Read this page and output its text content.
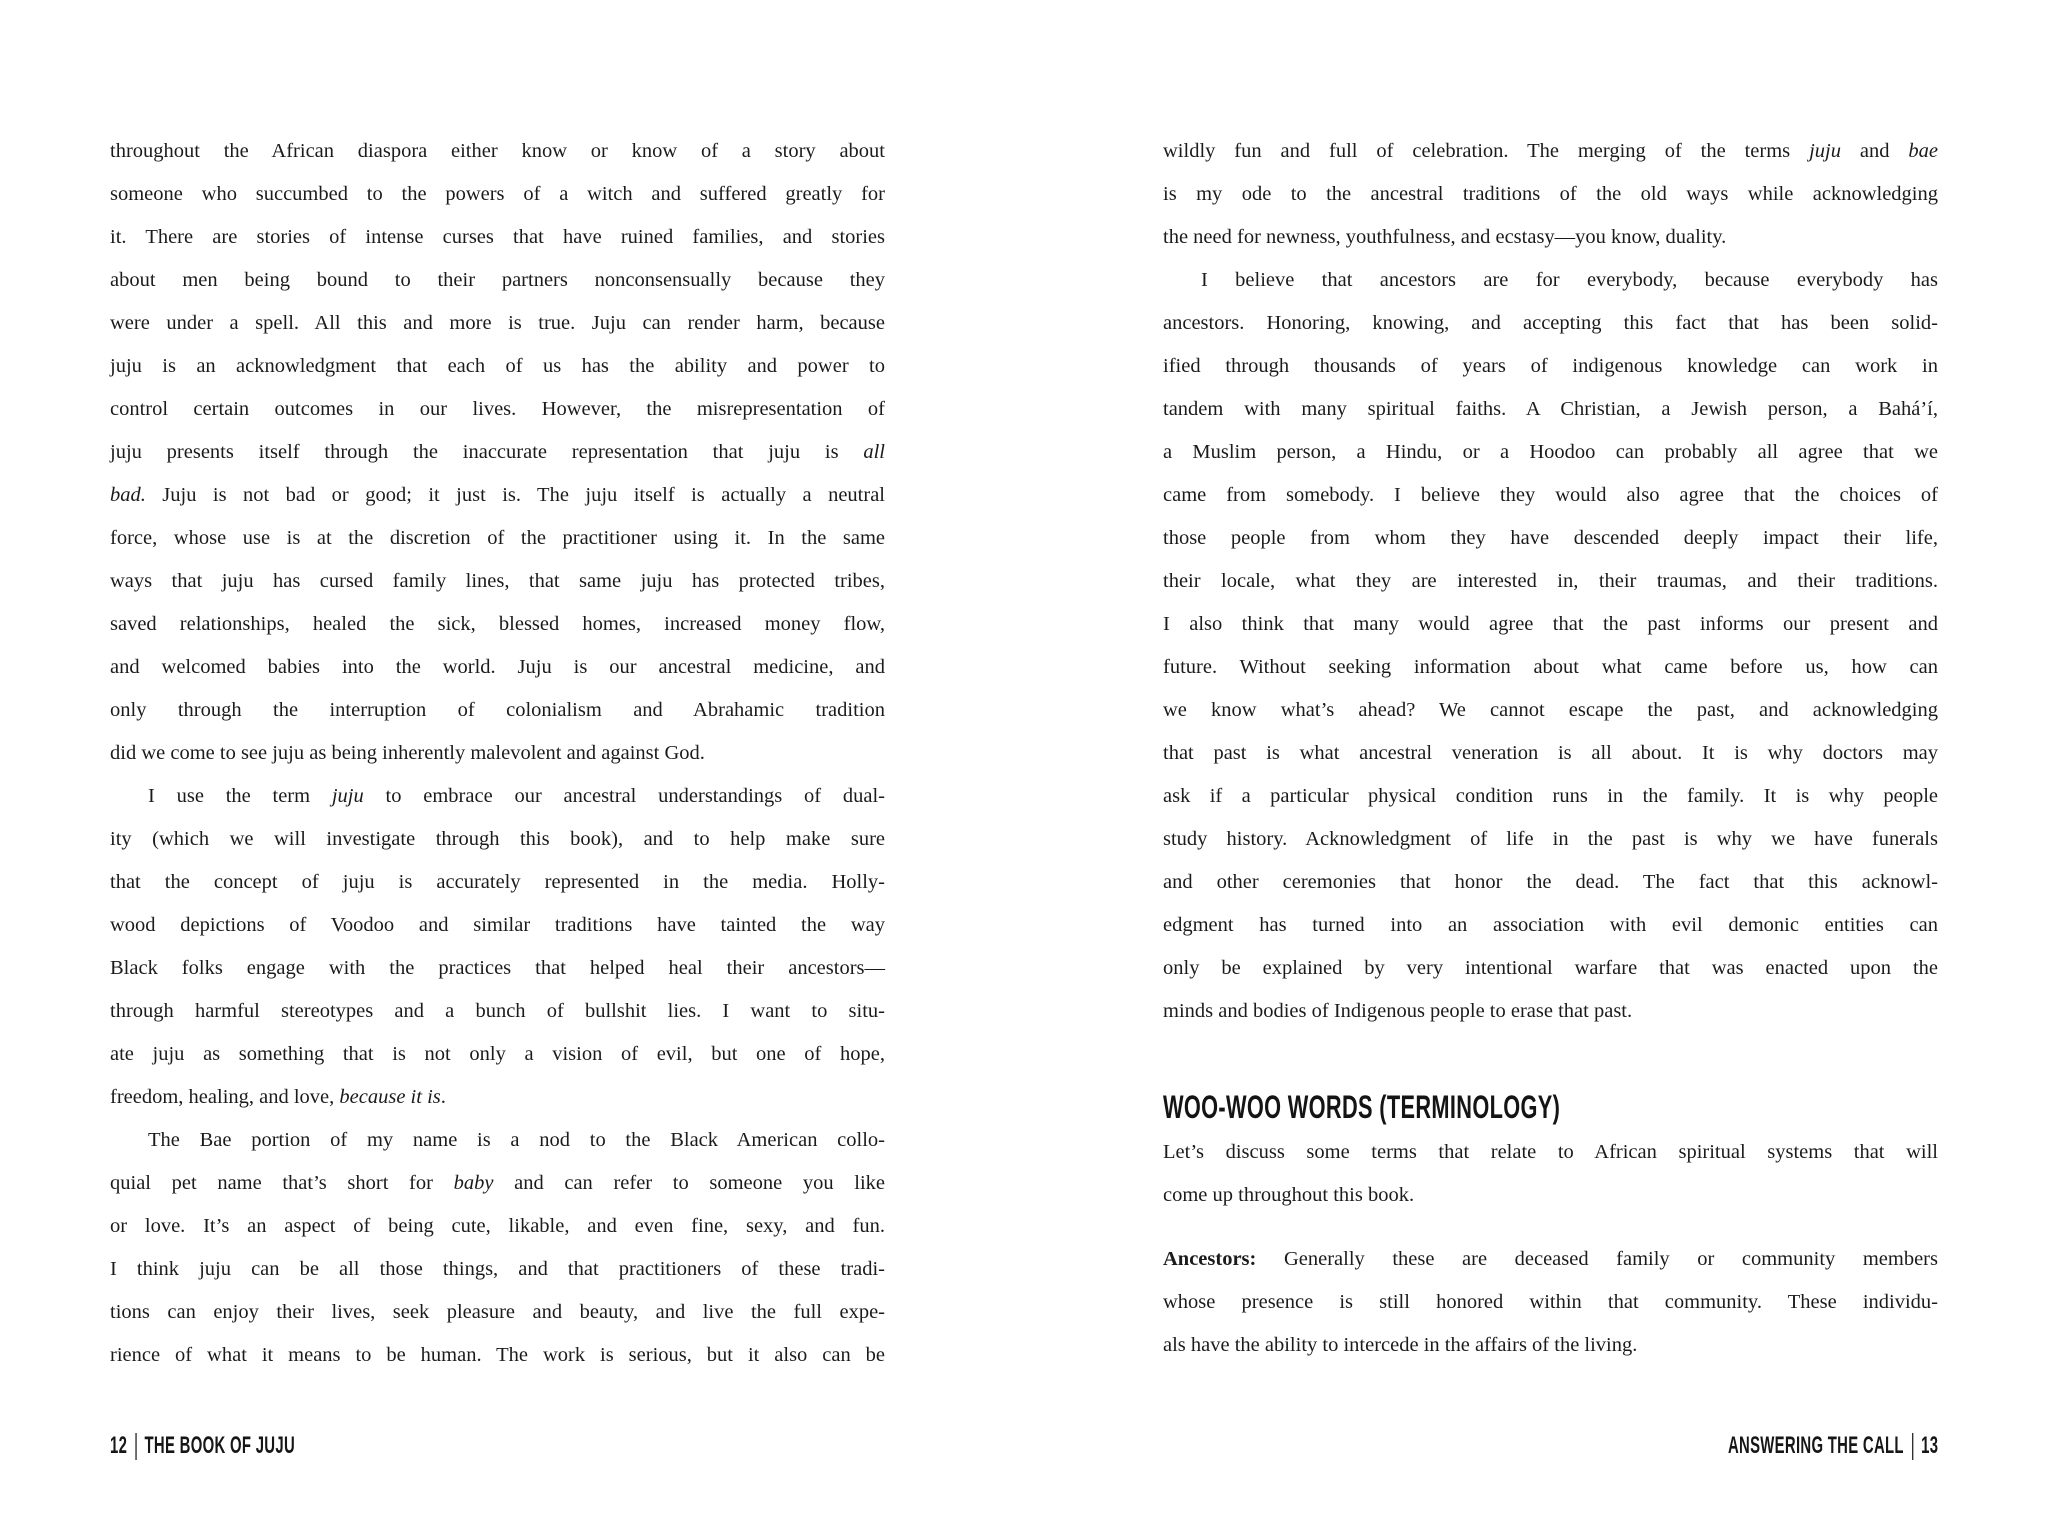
throughout the African diaspora either know or know of a story about
someone who succumbed to the powers of a witch and suffered greatly for
it. There are stories of intense curses that have ruined families, and stories
about men being bound to their partners nonconsensually because they
were under a spell. All this and more is true. Juju can render harm, because
juju is an acknowledgment that each of us has the ability and power to
control certain outcomes in our lives. However, the misrepresentation of
juju presents itself through the inaccurate representation that juju is all
bad. Juju is not bad or good; it just is. The juju itself is actually a neutral
force, whose use is at the discretion of the practitioner using it. In the same
ways that juju has cursed family lines, that same juju has protected tribes,
saved relationships, healed the sick, blessed homes, increased money flow,
and welcomed babies into the world. Juju is our ancestral medicine, and
only through the interruption of colonialism and Abrahamic tradition
did we come to see juju as being inherently malevolent and against God.
I use the term juju to embrace our ancestral understandings of dual-
ity (which we will investigate through this book), and to help make sure
that the concept of juju is accurately represented in the media. Holly-
wood depictions of Voodoo and similar traditions have tainted the way
Black folks engage with the practices that helped heal their ancestors—
through harmful stereotypes and a bunch of bullshit lies. I want to situ-
ate juju as something that is not only a vision of evil, but one of hope,
freedom, healing, and love, because it is.
The Bae portion of my name is a nod to the Black American collo-
quial pet name that’s short for baby and can refer to someone you like
or love. It’s an aspect of being cute, likable, and even fine, sexy, and fun.
I think juju can be all those things, and that practitioners of these tradi-
tions can enjoy their lives, seek pleasure and beauty, and live the full expe-
rience of what it means to be human. The work is serious, but it also can be
12 THE BOOK OF JUJU
wildly fun and full of celebration. The merging of the terms juju and bae
is my ode to the ancestral traditions of the old ways while acknowledging
the need for newness, youthfulness, and ecstasy—you know, duality.
I believe that ancestors are for everybody, because everybody has
ancestors. Honoring, knowing, and accepting this fact that has been solid-
ified through thousands of years of indigenous knowledge can work in
tandem with many spiritual faiths. A Christian, a Jewish person, a Bahá’í,
a Muslim person, a Hindu, or a Hoodoo can probably all agree that we
came from somebody. I believe they would also agree that the choices of
those people from whom they have descended deeply impact their life,
their locale, what they are interested in, their traumas, and their traditions.
I also think that many would agree that the past informs our present and
future. Without seeking information about what came before us, how can
we know what’s ahead? We cannot escape the past, and acknowledging
that past is what ancestral veneration is all about. It is why doctors may
ask if a particular physical condition runs in the family. It is why people
study history. Acknowledgment of life in the past is why we have funerals
and other ceremonies that honor the dead. The fact that this acknowl-
edgment has turned into an association with evil demonic entities can
only be explained by very intentional warfare that was enacted upon the
minds and bodies of Indigenous people to erase that past.
WOO-WOO WORDS (TERMINOLOGY)
Let’s discuss some terms that relate to African spiritual systems that will
come up throughout this book.
Ancestors: Generally these are deceased family or community members
whose presence is still honored within that community. These individu-
als have the ability to intercede in the affairs of the living.
ANSWERING THE CALL 13
